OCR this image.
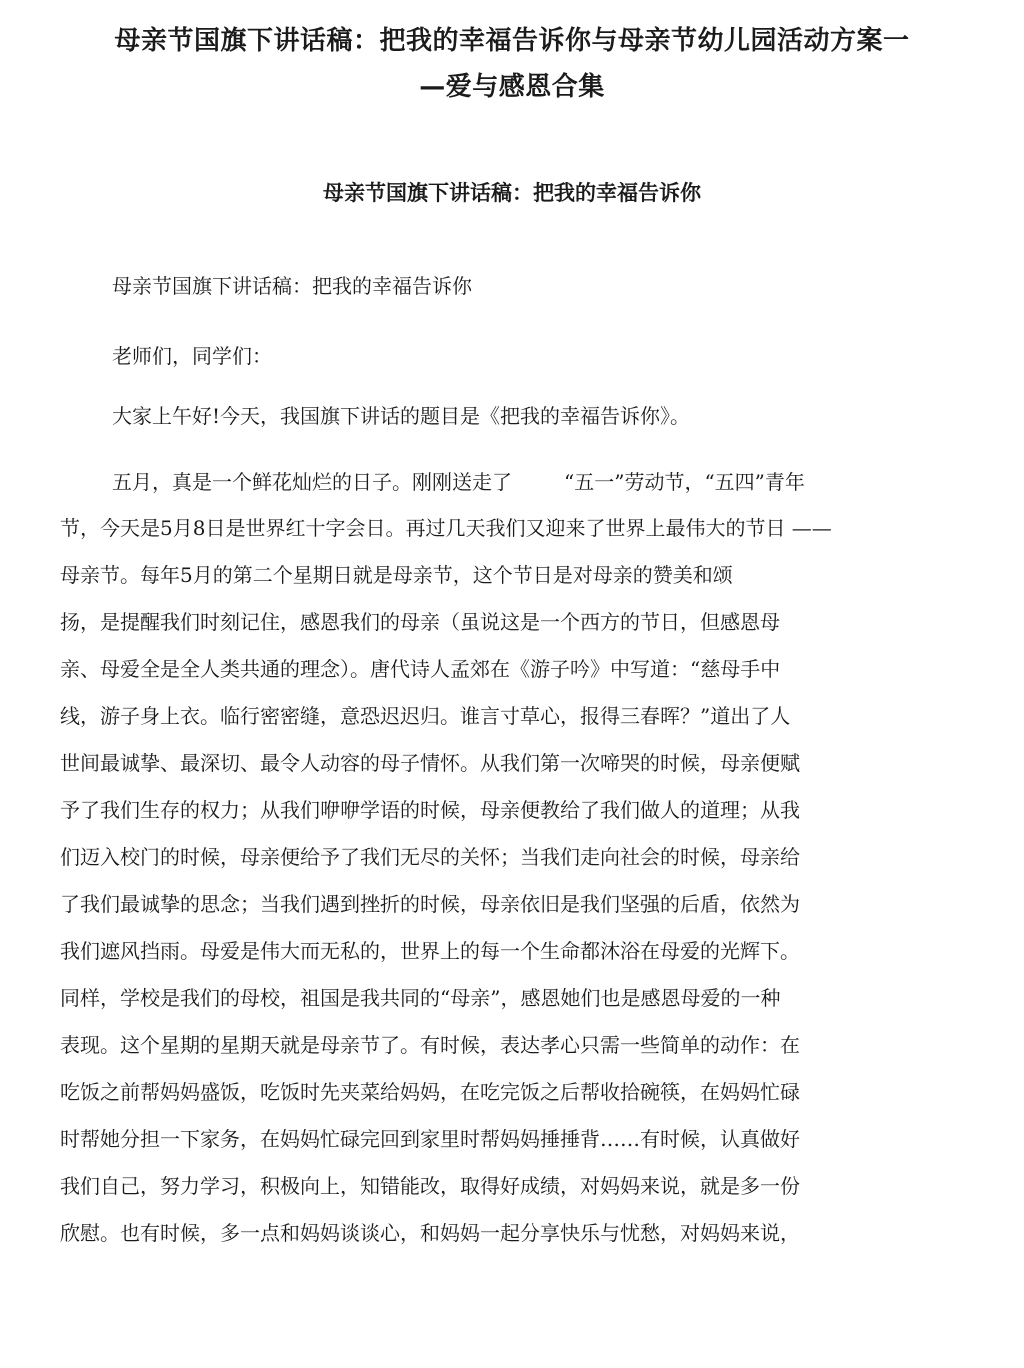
母亲节国旗下讲话稿：把我的幸福告诉你与母亲节幼儿园活动方案一
—爱与感恩合集
母亲节国旗下讲话稿：把我的幸福告诉你

母亲节国旗下讲话稿：把我的幸福告诉你

老师们，同学们：

大家上午好!今天，我国旗下讲话的题目是《把我的幸福告诉你》。

五月，真是一个鲜花灿烂的日子。刚刚送走了	“五一”劳动节，“五四”青年

节，今天是5月8日是世界红十字会日。再过几天我们又迎来了世界上最伟大的节日 ——

母亲节。每年5月的第二个星期日就是母亲节，这个节日是对母亲的赞美和颂

扬，是提醒我们时刻记住，感恩我们的母亲（虽说这是一个西方的节日，但感恩母

亲、母爱全是全人类共通的理念）。唐代诗人孟郊在《游子吟》中写道：“慈母手中

线，游子身上衣。临行密密缝，意恐迟迟归。谁言寸草心，报得三春晖？”道出了人

世间最诚挚、最深切、最令人动容的母子情怀。从我们第一次啼哭的时候，母亲便赋

予了我们生存的权力；从我们咿咿学语的时候，母亲便教给了我们做人的道理；从我

们迈入校门的时候，母亲便给予了我们无尽的关怀；当我们走向社会的时候，母亲给

了我们最诚挚的思念；当我们遇到挫折的时候，母亲依旧是我们坚强的后盾，依然为

我们遮风挡雨。母爱是伟大而无私的，世界上的每一个生命都沐浴在母爱的光辉下。

同样，学校是我们的母校，祖国是我共同的“母亲”，感恩她们也是感恩母爱的一种

表现。这个星期的星期天就是母亲节了。有时候，表达孝心只需一些简单的动作：在

吃饭之前帮妈妈盛饭，吃饭时先夹菜给妈妈，在吃完饭之后帮收拾碗筷，在妈妈忙碌

时帮她分担一下家务，在妈妈忙碌完回到家里时帮妈妈捶捶背……有时候，认真做好

我们自己，努力学习，积极向上，知错能改，取得好成绩，对妈妈来说，就是多一份

欣慰。也有时候，多一点和妈妈谈谈心，和妈妈一起分享快乐与忧愁，对妈妈来说，
